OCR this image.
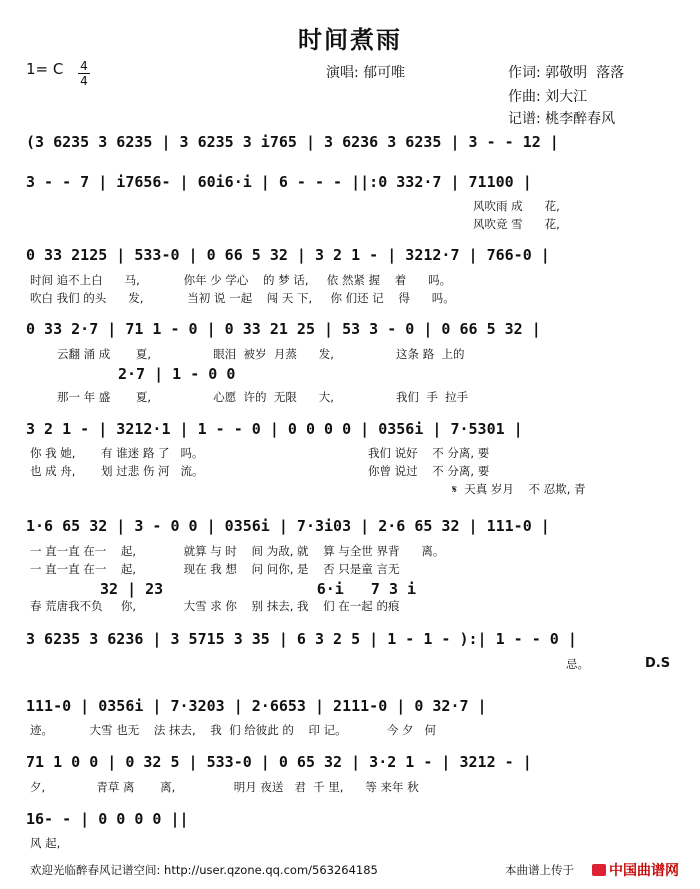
时间煮雨
1= C 4
4	演唱: 郁可唯	作词: 郭敬明  落落
作曲: 刘大江
记谱: 桃李醉春风
(3 6235 3 6235 | 3 6235 3 i765 | 3 6236 3 6235 | 3 - - 12 |
3 - - 7 | i7656- | 60i6·i | 6 - - - ||:0 332·7 | 71100 |
风吹雨 成      花,
风吹竞 雪      花,
0 33 2125 | 533-0 | 0 66 5 32 | 3 2 1 - | 3212·7 | 766-0 |
时间 追不上白      马,            你年 少 学心    的 梦 话,     依 然紧 握    着      吗。
吹白 我们 的头      发,            当初 说 一起    闯 天 下,     你 们还 记    得      吗。
0 33 2·7 | 71 1 - 0 | 0 33 21 25 | 53 3 - 0 | 0 66 5 32 |
云翻 涌 成       夏,                 眼泪  被岁  月蒸      发,                 这条 路  上的
2·7 | 1 - 0 0
那一 年 盛       夏,                 心愿  许的  无限      大,                 我们  手  拉手
3 2 1 - | 3212·1 | 1 - - 0 | 0 0 0 0 | 0356i | 7·5301 |
你 我 她,       有 谁迷 路 了   吗。                                             我们 说好    不 分离, 要
也 成 舟,       划 过悲 伤 河   流。                                             你曾 说过    不 分离, 要
𝄋  天真 岁月    不 忍欺, 青
1·6 65 32 | 3 - 0 0 | 0356i | 7·3i03 | 2·6 65 32 | 111-0 |
一 直一直 在一    起,             就算 与 时    间 为敌, 就    算 与全世 界背      离。
一 直一直 在一    起,             现在 我 想    问 问你, 是    否 只是童 言无
32 | 23                 6·i   7 3 i
春 荒唐我不负     你,             大雪 求 你    别 抹去, 我    们 在一起 的痕
3 6235 3 6236 | 3 5715 3 35 | 6 3 2 5 | 1 - 1 - ):| 1 - - 0 |
忌。	D.S
111-0 | 0356i | 7·3203 | 2·6653 | 2111-0 | 0 32·7 |
迹。          大雪 也无    法 抹去,    我  们 给彼此 的    印 记。           今 夕   何
71 1 0 0 | 0 32 5 | 533-0 | 0 65 32 | 3·2 1 - | 3212 - |
夕,              青草 离       离,                明月 夜送   君  千 里,      等 来年 秋
16- - | 0 0 0 0 ||
风 起,
欢迎光临醉春风记谱空间: http://user.qzone.qq.com/563264185	本曲谱上传于	中国曲谱网
